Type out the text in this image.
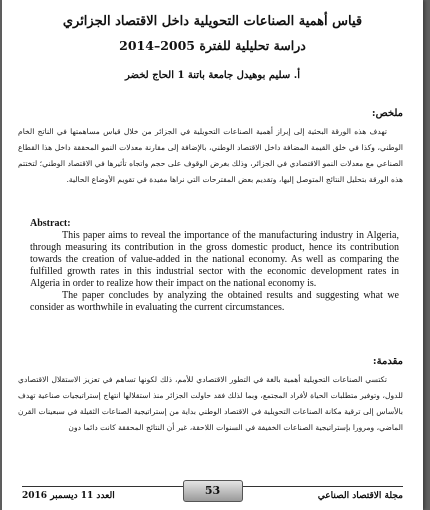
قياس أهمية الصناعات التحويلية داخل الاقتصاد الجزائري
دراسة تحليلية للفترة 2005–2014
أ. سليم بوهيدل جامعة باتنة 1 الحاج لخضر
ملخص:

تهدف هذه الورقة البحثية إلى إبراز أهمية الصناعات التحويلية في الجزائر من خلال قياس مساهمتها في الناتج الخام الوطني، وكذا في خلق القيمة المضافة داخل الاقتصاد الوطني، بالإضافة إلى مقارنة معدلات النمو المحققة داخل هذا القطاع الصناعي مع معدلات النمو الاقتصادي في الجزائر، وذلك بغرض الوقوف على حجم واتجاه تأثيرها في الاقتصاد الوطني؛ لتختتم هذه الورقة بتحليل النتائج المتوصل إليها، وتقديم بعض المقترحات التي نراها مفيدة في تقويم الأوضاع الحالية.

Abstract:
This paper aims to reveal the importance of the manufacturing industry in Algeria, through measuring its contribution in the gross domestic product, hence its contribution towards the creation of value-added in the national economy. As well as comparing the fulfilled growth rates in this industrial sector with the economic development rates in Algeria in order to realize how their impact on the national economy is.

The paper concludes by analyzing the obtained results and suggesting what we consider as worthwhile in evaluating the current circumstances.

مقدمة:

تكتسي الصناعات التحويلية أهمية بالغة في التطور الاقتصادي للأمم، ذلك لكونها تساهم في تعزيز الاستقلال الاقتصادي للدول، وتوفير متطلبات الحياة لأفراد المجتمع، وبما لذلك فقد حاولت الجزائر منذ استقلالها انتهاج إستراتيجيات صناعية تهدف بالأساس إلى ترقية مكانة الصناعات التحويلية في الاقتصاد الوطني بداية من إستراتيجية الصناعات الثقيلة في سبعينات القرن الماضي، ومرورا بإستراتيجية الصناعات الخفيفة في السنوات اللاحقة، غير أن النتائج المحققة كانت دائما دون

مجلة الاقتصاد الصناعي
53
العدد 11 ديسمبر 2016
